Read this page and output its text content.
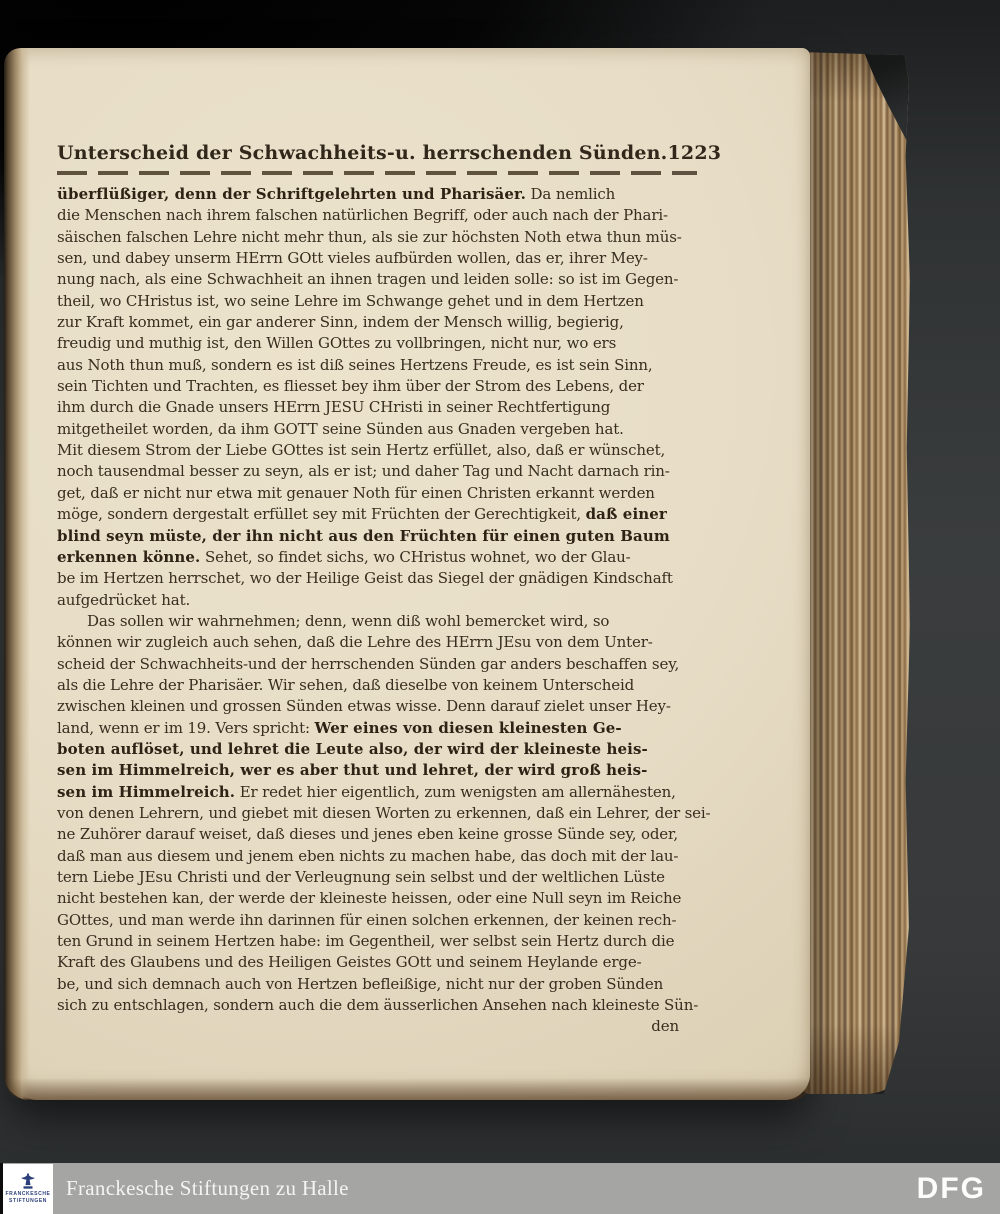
Unterscheid der Schwachheits-u. herrschenden Sünden. 1223
überflüßiger, denn der Schriftgelehrten und Pharisäer. Da nemlich
die Menschen nach ihrem falschen natürlichen Begriff, oder auch nach der Phari-
säischen falschen Lehre nicht mehr thun, als sie zur höchsten Noth etwa thun müs-
sen, und dabey unserm HErrn GOtt vieles aufbürden wollen, das er, ihrer Mey-
nung nach, als eine Schwachheit an ihnen tragen und leiden solle: so ist im Gegen-
theil, wo CHristus ist, wo seine Lehre im Schwange gehet und in dem Hertzen
zur Kraft kommet, ein gar anderer Sinn, indem der Mensch willig, begierig,
freudig und muthig ist, den Willen GOttes zu vollbringen, nicht nur, wo ers
aus Noth thun muß, sondern es ist diß seines Hertzens Freude, es ist sein Sinn,
sein Tichten und Trachten, es fliesset bey ihm über der Strom des Lebens, der
ihm durch die Gnade unsers HErrn JESU CHristi in seiner Rechtfertigung
mitgetheilet worden, da ihm GOTT seine Sünden aus Gnaden vergeben hat.
Mit diesem Strom der Liebe GOttes ist sein Hertz erfüllet, also, daß er wünschet,
noch tausendmal besser zu seyn, als er ist; und daher Tag und Nacht darnach rin-
get, daß er nicht nur etwa mit genauer Noth für einen Christen erkannt werden
möge, sondern dergestalt erfüllet sey mit Früchten der Gerechtigkeit, daß einer
blind seyn müste, der ihn nicht aus den Früchten für einen guten Baum
erkennen könne. Sehet, so findet sichs, wo CHristus wohnet, wo der Glau-
be im Hertzen herrschet, wo der Heilige Geist das Siegel der gnädigen Kindschaft
aufgedrücket hat.
Das sollen wir wahrnehmen; denn, wenn diß wohl bemercket wird, so
können wir zugleich auch sehen, daß die Lehre des HErrn JEsu von dem Unter-
scheid der Schwachheits-und der herrschenden Sünden gar anders beschaffen sey,
als die Lehre der Pharisäer. Wir sehen, daß dieselbe von keinem Unterscheid
zwischen kleinen und grossen Sünden etwas wisse. Denn darauf zielet unser Hey-
land, wenn er im 19. Vers spricht: Wer eines von diesen kleinesten Ge-
boten auflöset, und lehret die Leute also, der wird der kleineste heis-
sen im Himmelreich, wer es aber thut und lehret, der wird groß heis-
sen im Himmelreich. Er redet hier eigentlich, zum wenigsten am allernähesten,
von denen Lehrern, und giebet mit diesen Worten zu erkennen, daß ein Lehrer, der sei-
ne Zuhörer darauf weiset, daß dieses und jenes eben keine grosse Sünde sey, oder,
daß man aus diesem und jenem eben nichts zu machen habe, das doch mit der lau-
tern Liebe JEsu Christi und der Verleugnung sein selbst und der weltlichen Lüste
nicht bestehen kan, der werde der kleineste heissen, oder eine Null seyn im Reiche
GOttes, und man werde ihn darinnen für einen solchen erkennen, der keinen rech-
ten Grund in seinem Hertzen habe: im Gegentheil, wer selbst sein Hertz durch die
Kraft des Glaubens und des Heiligen Geistes GOtt und seinem Heylande erge-
be, und sich demnach auch von Hertzen befleißige, nicht nur der groben Sünden
sich zu entschlagen, sondern auch die dem äusserlichen Ansehen nach kleineste Sün-
den
FRANCKESCHE
STIFTUNGEN
Franckesche Stiftungen zu Halle	DFG
